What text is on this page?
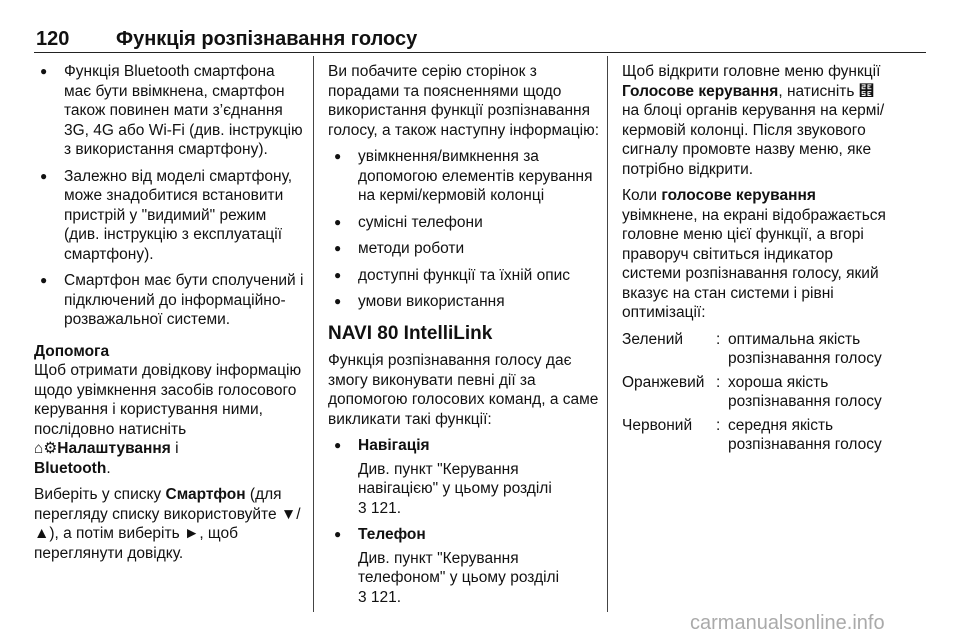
120 Функція розпізнавання голосу
● Функція Bluetooth смартфона має бути ввімкнена, смартфон також повинен мати з’єднання 3G, 4G або Wi-Fi (див. інструкцію з використання смартфону).
● Залежно від моделі смартфону, може знадобитися встановити пристрій у "видимий" режим (див. інструкцію з експлуатації смартфону).
● Смартфон має бути сполучений і підключений до інформаційно-розважальної системи.
Допомога

Щоб отримати довідкову інформацію щодо увімкнення засобів голосового керування і користування ними, послідовно натисніть ⌂⚙Налаштування і
Bluetooth.

Виберіть у списку Смартфон (для перегляду списку використовуйте ▼/▲), а потім виберіть ►, щоб переглянути довідку.

Ви побачите серію сторінок з порадами та поясненнями щодо використання функції розпізнавання голосу, а також наступну інформацію:

● увімкнення/вимкнення за допомогою елементів керування на кермі/кермовій колонці
● сумісні телефони
● методи роботи
● доступні функції та їхній опис
● умови використання
NAVI 80 IntelliLink

Функція розпізнавання голосу дає змогу виконувати певні дії за допомогою голосових команд, а саме викликати такі функції:

● Навігація
Див. пункт "Керування навігацією" у цьому розділі
3 121.
● Телефон
Див. пункт "Керування телефоном" у цьому розділі
3 121.

Щоб відкрити головне меню функції Голосове керування, натисніть ⹞ на блоці органів керування на кермі/кермовій колонці. Після звукового сигналу промовте назву меню, яке потрібно відкрити.

Коли голосове керування увімкнене, на екрані відображається головне меню цієї функції, а вгорі праворуч світиться індикатор системи розпізнавання голосу, який вказує на стан системи і рівні оптимізації:

Зелений	:	оптимальна якість розпізнавання голосу
Оранжевий	:	хороша якість розпізнавання голосу
Червоний	:	середня якість розпізнавання голосу
carmanualsonline.info
